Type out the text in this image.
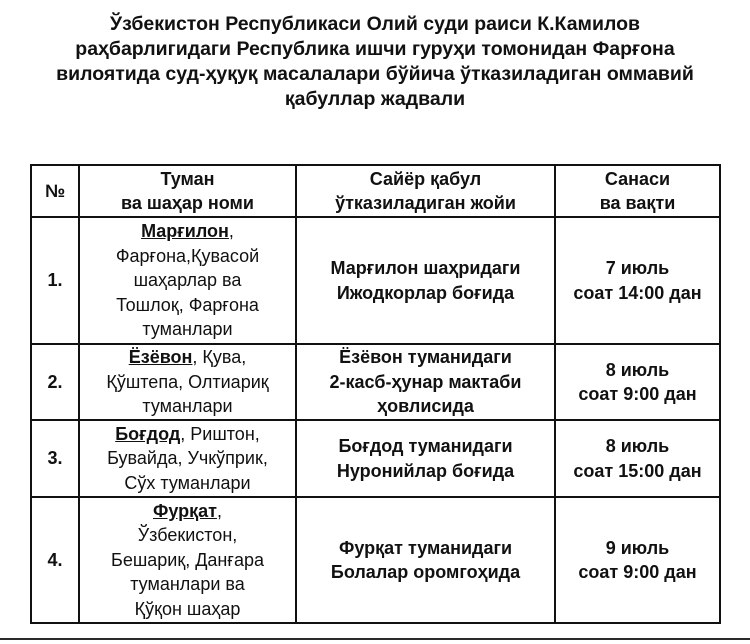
Ўзбекистон Республикаси Олий суди раиси К.Камилов
раҳбарлигидаги Республика ишчи гуруҳи томонидан Фарғона
вилоятида суд-ҳуқуқ масалалари бўйича ўтказиладиган оммавий
қабуллар жадвали
№	Туман
ва шаҳар номи	Сайёр қабул
ўтказиладиган жойи	Санаси
ва вақти

1.	Марғилон,
Фарғона,Қувасой
шаҳарлар ва
Тошлоқ, Фарғона
туманлари	Марғилон шаҳридаги
Ижодкорлар боғида	7 июль
соат 14:00 дан

2.	Ёзёвон, Қува,
Қўштепа, Олтиариқ
туманлари	Ёзёвон туманидаги
2-касб-ҳунар мактаби
ҳовлисида	8 июль
соат 9:00 дан

3.	Боғдод, Риштон,
Бувайда, Учкўприк,
Сўх туманлари	Боғдод туманидаги
Нуронийлар боғида	8 июль
соат 15:00 дан

4.	Фурқат,
Ўзбекистон,
Бешариқ, Данғара
туманлари ва
Қўқон шаҳар	Фурқат туманидаги
Болалар оромгоҳида	9 июль
соат 9:00 дан
